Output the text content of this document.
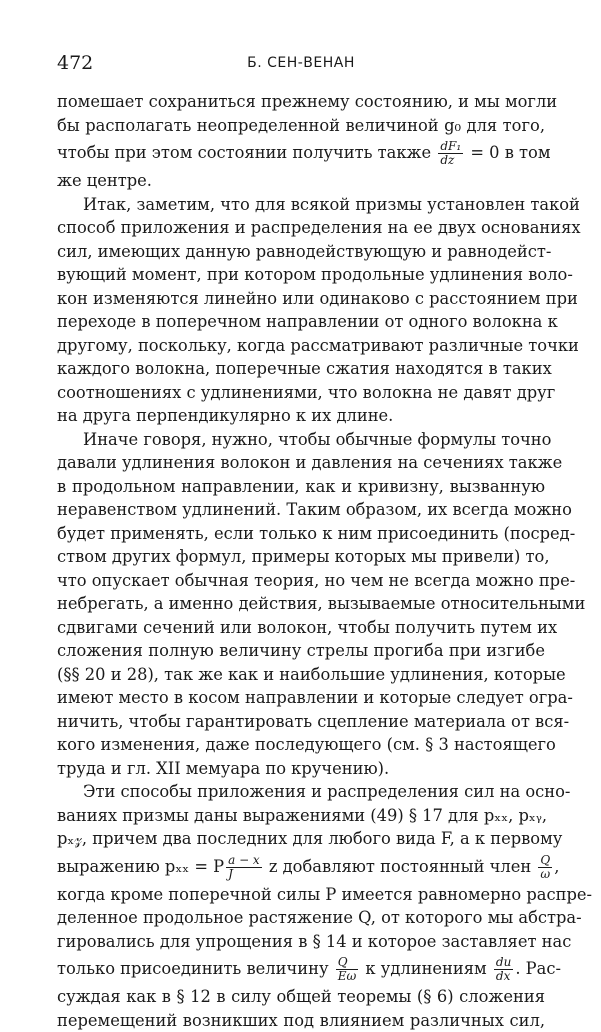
472	Б. СЕН-ВЕНАН
помешает сохраниться прежнему состоянию, и мы могли
бы располагать неопределенной величиной g₀ для того,
чтобы при этом состоянии получить также $\frac{\text{dF₁}}{dz} = 0$ в том
же центре.
Итак, заметим, что для всякой призмы установлен такой
способ приложения и распределения на ее двух основаниях
сил, имеющих данную равнодействующую и равнодейст-
вующий момент, при котором продольные удлинения воло-
кон изменяются линейно или одинаково с расстоянием при
переходе в поперечном направлении от одного волокна к
другому, поскольку, когда рассматривают различные точки
каждого волокна, поперечные сжатия находятся в таких
соотношениях с удлинениями, что волокна не давят друг
на друга перпендикулярно к их длине.
Иначе говоря, нужно, чтобы обычные формулы точно
давали удлинения волокон и давления на сечениях также
в продольном направлении, как и кривизну, вызванную
неравенством удлинений. Таким образом, их всегда можно
будет применять, если только к ним присоединить (посред-
ством других формул, примеры которых мы привели) то,
что опускает обычная теория, но чем не всегда можно пре-
небрегать, а именно действия, вызываемые относительными
сдвигами сечений или волокон, чтобы получить путем их
сложения полную величину стрелы прогиба при изгибе
(§§ 20 и 28), так же как и наибольшие удлинения, которые
имеют место в косом направлении и которые следует огра-
ничить, чтобы гарантировать сцепление материала от вся-
кого изменения, даже последующего (см. § 3 настоящего
труда и гл. XII мемуара по кручению).
Эти способы приложения и распределения сил на осно-
ваниях призмы даны выражениями (49) § 17 для pₓₓ, pₓᵧ,
pₓ𝓏, причем два последних для любого вида F, а к первому
выражению pₓₓ = P $\frac{a - x}{J}$ z добавляют постоянный член $\frac{Q}{\omega}$ ,
когда кроме поперечной силы P имеется равномерно распре-
деленное продольное растяжение Q, от которого мы абстра-
гировались для упрощения в § 14 и которое заставляет нас
только присоединить величину $\frac{Q}{E\omega}$ к удлинениям $\frac{du}{dx}$ . Рас-
суждая как в § 12 в силу общей теоремы (§ 6) сложения
перемещений возникших под влиянием различных сил,
